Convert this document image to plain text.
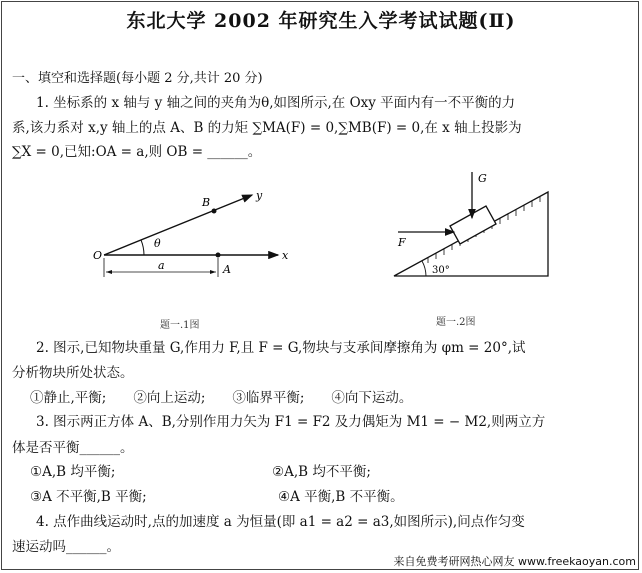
东北大学 2002 年研究生入学考试试题(Ⅱ)
一、填空和选择题(每小题 2 分,共计 20 分)
1. 坐标系的 x 轴与 y 轴之间的夹角为θ,如图所示,在 Oxy 平面内有一不平衡的力
系,该力系对 x,y 轴上的点 A、B 的力矩 ∑MA(F) = 0,∑MB(F) = 0,在 x 轴上投影为
∑X = 0,已知:OA = a,则 OB = ______。
O
B
y
θ
a	A
x
题一.1图
G
F
30°
题一.2图
2. 图示,已知物块重量 G,作用力 F,且 F = G,物块与支承间摩擦角为 φm = 20°,试
分析物块所处状态。
①静止,平衡;　　②向上运动;　　③临界平衡;　　④向下运动。
3. 图示两正方体 A、B,分别作用力矢为 F1 = F2 及力偶矩为 M1 = − M2,则两立方
体是否平衡______。
①A,B 均平衡;	②A,B 均不平衡;
③A 不平衡,B 平衡;	④A 平衡,B 不平衡。
4. 点作曲线运动时,点的加速度 a 为恒量(即 a1 = a2 = a3,如图所示),问点作匀变
速运动吗______。
来自免费考研网热心网友 www.freekaoyan.com
